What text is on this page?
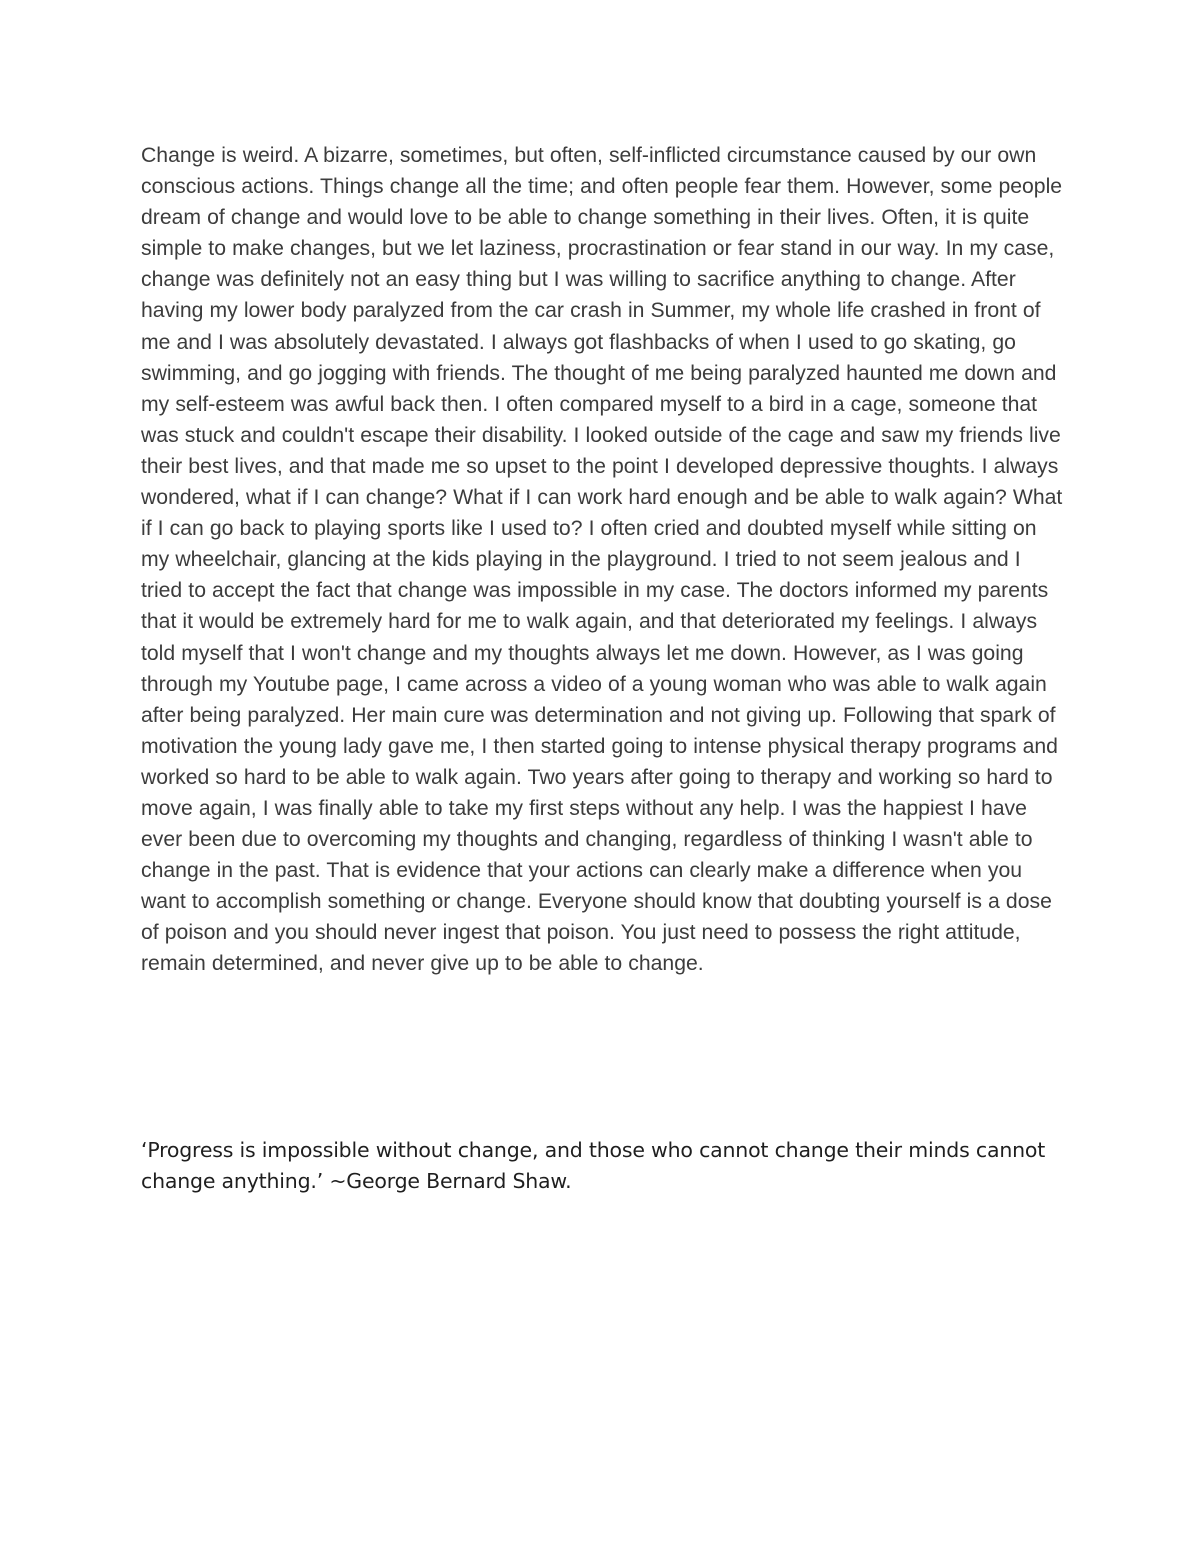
Change is weird. A bizarre, sometimes, but often, self-inflicted circumstance caused by our own conscious actions. Things change all the time; and often people fear them. However, some people dream of change and would love to be able to change something in their lives. Often, it is quite simple to make changes, but we let laziness, procrastination or fear stand in our way. In my case, change was definitely not an easy thing but I was willing to sacrifice anything to change. After having my lower body paralyzed from the car crash in Summer, my whole life crashed in front of me and I was absolutely devastated. I always got flashbacks of when I used to go skating, go swimming, and go jogging with friends. The thought of me being paralyzed haunted me down and my self-esteem was awful back then. I often compared myself to a bird in a cage, someone that was stuck and couldn't escape their disability. I looked outside of the cage and saw my friends live their best lives, and that made me so upset to the point I developed depressive thoughts. I always wondered, what if I can change? What if I can work hard enough and be able to walk again? What if I can go back to playing sports like I used to? I often cried and doubted myself while sitting on my wheelchair, glancing at the kids playing in the playground. I tried to not seem jealous and I tried to accept the fact that change was impossible in my case. The doctors informed my parents that it would be extremely hard for me to walk again, and that deteriorated my feelings. I always told myself that I won't change and my thoughts always let me down. However, as I was going through my Youtube page, I came across a video of a young woman who was able to walk again after being paralyzed. Her main cure was determination and not giving up. Following that spark of motivation the young lady gave me, I then started going to intense physical therapy programs and worked so hard to be able to walk again. Two years after going to therapy and working so hard to move again, I was finally able to take my first steps without any help. I was the happiest I have ever been due to overcoming my thoughts and changing, regardless of thinking I wasn't able to change in the past. That is evidence that your actions can clearly make a difference when you want to accomplish something or change. Everyone should know that doubting yourself is a dose of poison and you should never ingest that poison. You just need to possess the right attitude, remain determined, and never give up to be able to change.

‘Progress is impossible without change, and those who cannot change their minds cannot change anything.’ ~George Bernard Shaw.
